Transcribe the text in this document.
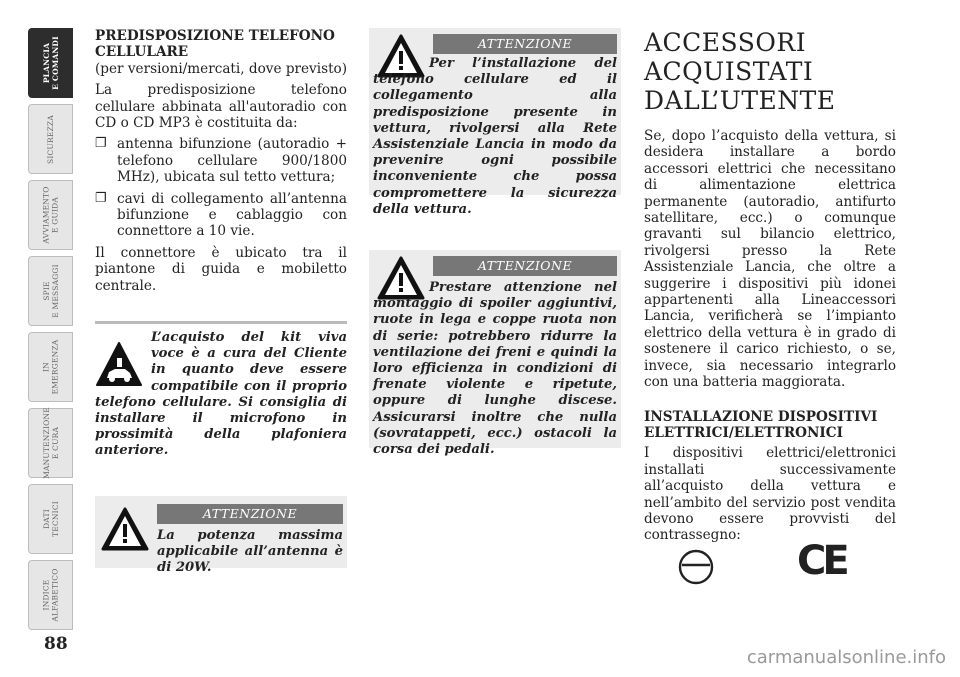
PLANCIA
E COMANDI
SICUREZZA
AVVIAMENTO
E GUIDA
SPIE
E MESSAGGI
IN
EMERGENZA
MANUTENZIONE
E CURA
DATI
TECNICI
INDICE
ALFABETICO
88

PREDISPOSIZIONE TELEFONO

CELLULARE

(per versioni/mercati, dove previsto)

La predisposizione telefono cellulare abbinata all'autoradio con CD o CD MP3 è costituita da:

❐ antenna bifunzione (autoradio + telefono cellulare 900/1800 MHz), ubicata sul tetto vettura;
❐ cavi di collegamento all’antenna bifunzione e cablaggio con connettore a 10 vie.

Il connettore è ubicato tra il piantone di guida e mobiletto centrale.

L’acquisto del kit viva voce è a cura del Cliente in quanto deve essere compatibile con il proprio telefono cellulare. Si consiglia di installare il microfono in prossimità della plafoniera anteriore.
ATTENZIONE
La potenza massima applicabile all’antenna è di 20W.
ATTENZIONE
Per l’installazione del telefono cellulare ed il collegamento alla predisposizione presente in vettura, rivolgersi alla Rete Assistenziale Lancia in modo da prevenire ogni possibile inconveniente che possa compromettere la sicurezza della vettura.
ATTENZIONE
Prestare attenzione nel montaggio di spoiler aggiuntivi, ruote in lega e coppe ruota non di serie: potrebbero ridurre la ventilazione dei freni e quindi la loro efficienza in condizioni di frenate violente e ripetute, oppure di lunghe discese. Assicurarsi inoltre che nulla (sovratappeti, ecc.) ostacoli la corsa dei pedali.
ACCESSORI
ACQUISTATI
DALL’UTENTE

Se, dopo l’acquisto della vettura, si desidera installare a bordo accessori elettrici che necessitano di alimentazione elettrica permanente (autoradio, antifurto satellitare, ecc.) o comunque gravanti sul bilancio elettrico, rivolgersi presso la Rete Assistenziale Lancia, che oltre a suggerire i dispositivi più idonei appartenenti alla Lineaccessori Lancia, verificherà se l’impianto elettrico della vettura è in grado di sostenere il carico richiesto, o se, invece, sia necessario integrarlo con una batteria maggiorata.

INSTALLAZIONE DISPOSITIVI

ELETTRICI/ELETTRONICI

I dispositivi elettrici/elettronici installati successivamente all’acquisto della vettura e nell’ambito del servizio post vendita devono essere provvisti del contrassegno:

CE
carmanualsonline.info
